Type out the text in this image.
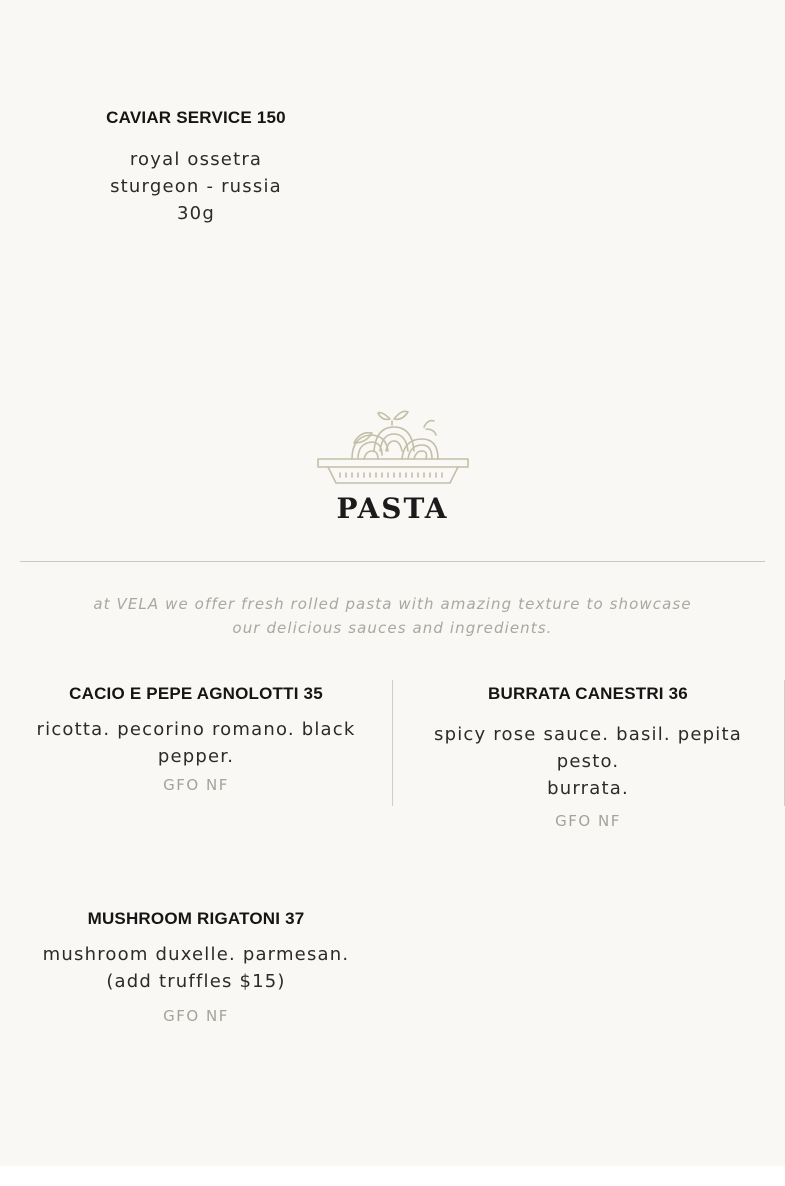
CAVIAR SERVICE 150

royal ossetra
sturgeon - russia
30g

PASTA

at VELA we offer fresh rolled pasta with amazing texture to showcase
our delicious sauces and ingredients.

CACIO E PEPE AGNOLOTTI 35

ricotta. pecorino romano. black
pepper.

GFO NF

BURRATA CANESTRI 36

spicy rose sauce. basil. pepita pesto.
burrata.

GFO NF

MUSHROOM RIGATONI 37

mushroom duxelle. parmesan.
(add truffles $15)

GFO NF
